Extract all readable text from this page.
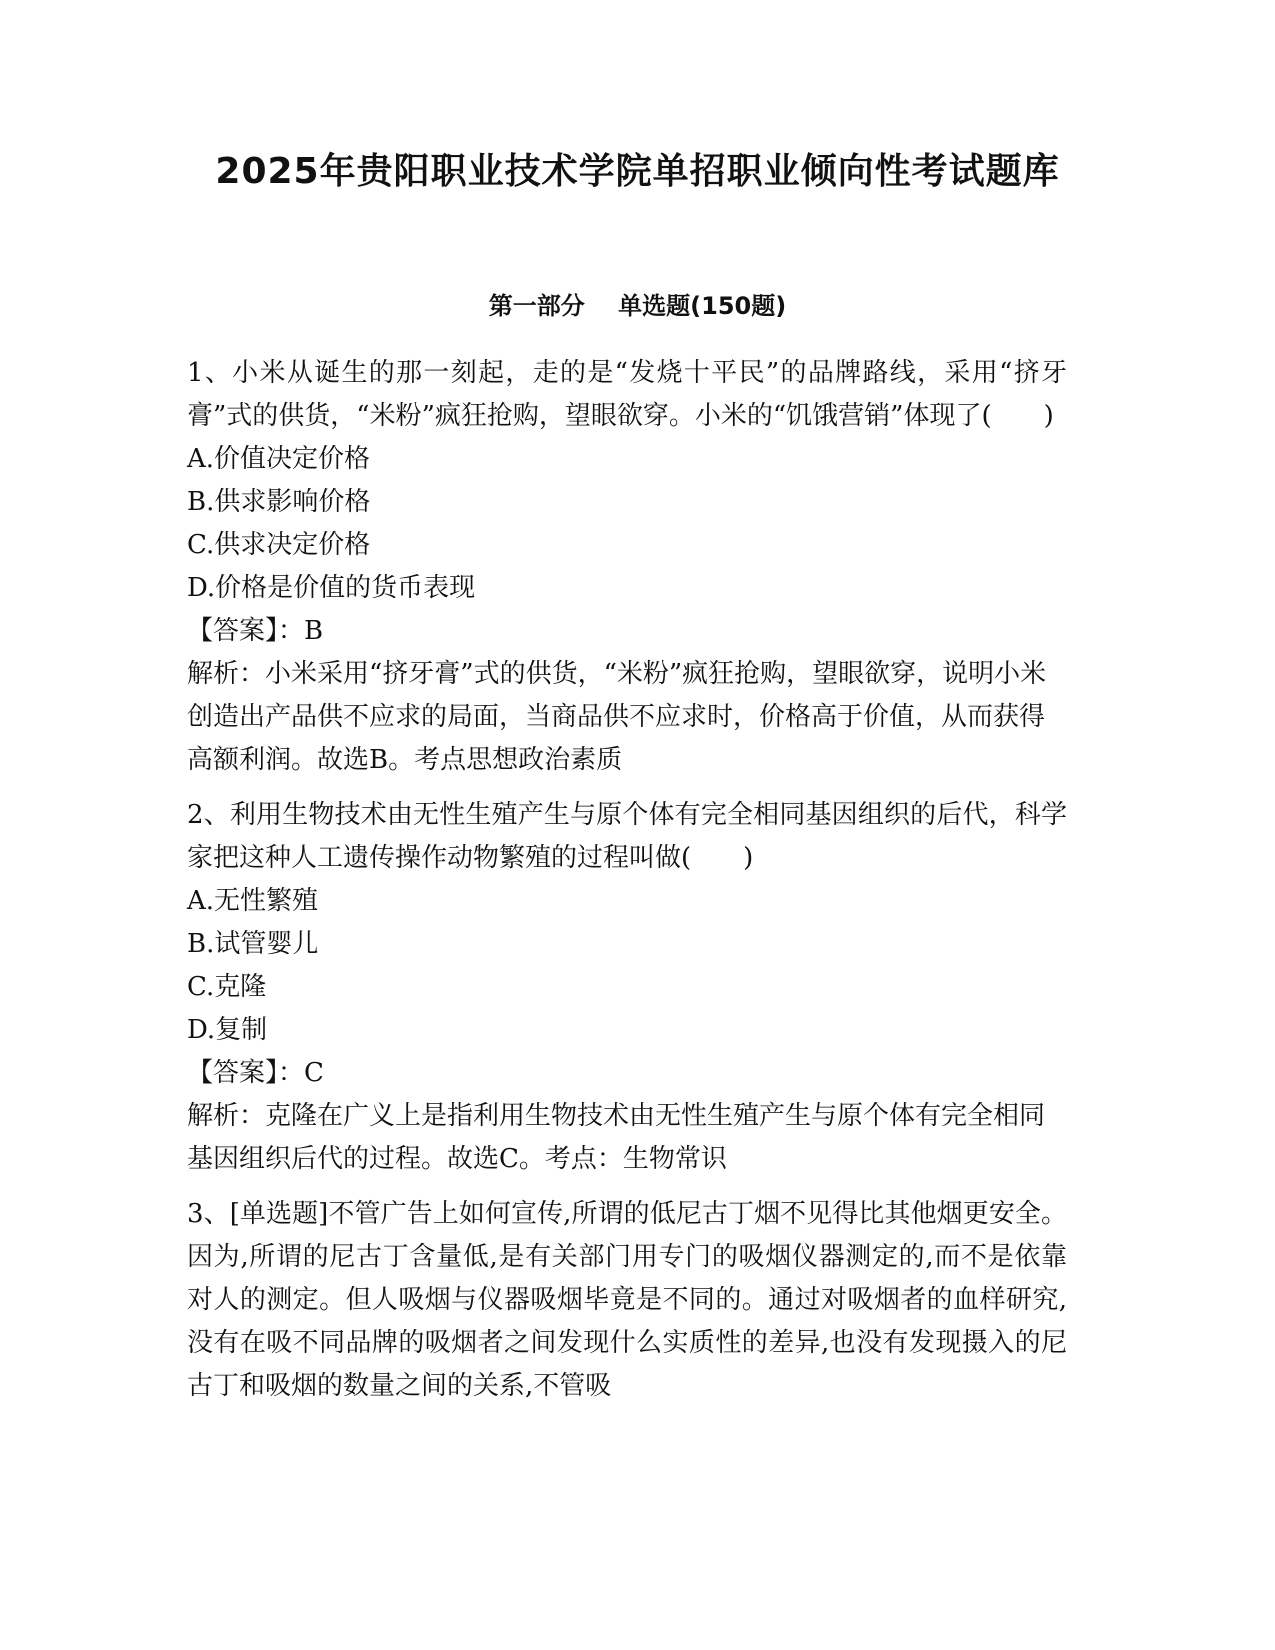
2025年贵阳职业技术学院单招职业倾向性考试题库
第一部分    单选题(150题)

1、小米从诞生的那一刻起，走的是“发烧十平民”的品牌路线，采用“挤牙膏”式的供货，“米粉”疯狂抢购，望眼欲穿。小米的“饥饿营销”体现了(　　)

A.价值决定价格
B.供求影响价格
C.供求决定价格
D.价格是价值的货币表现

【答案】：B

解析：小米采用“挤牙膏”式的供货，“米粉”疯狂抢购，望眼欲穿，说明小米创造出产品供不应求的局面，当商品供不应求时，价格高于价值，从而获得高额利润。故选B。考点思想政治素质

2、利用生物技术由无性生殖产生与原个体有完全相同基因组织的后代，科学家把这种人工遗传操作动物繁殖的过程叫做(　　)

A.无性繁殖
B.试管婴儿
C.克隆
D.复制

【答案】：C

解析：克隆在广义上是指利用生物技术由无性生殖产生与原个体有完全相同基因组织后代的过程。故选C。考点：生物常识

3、[单选题]不管广告上如何宣传,所谓的低尼古丁烟不见得比其他烟更安全。因为,所谓的尼古丁含量低,是有关部门用专门的吸烟仪器测定的,而不是依靠对人的测定。但人吸烟与仪器吸烟毕竟是不同的。通过对吸烟者的血样研究,没有在吸不同品牌的吸烟者之间发现什么实质性的差异,也没有发现摄入的尼古丁和吸烟的数量之间的关系,不管吸
